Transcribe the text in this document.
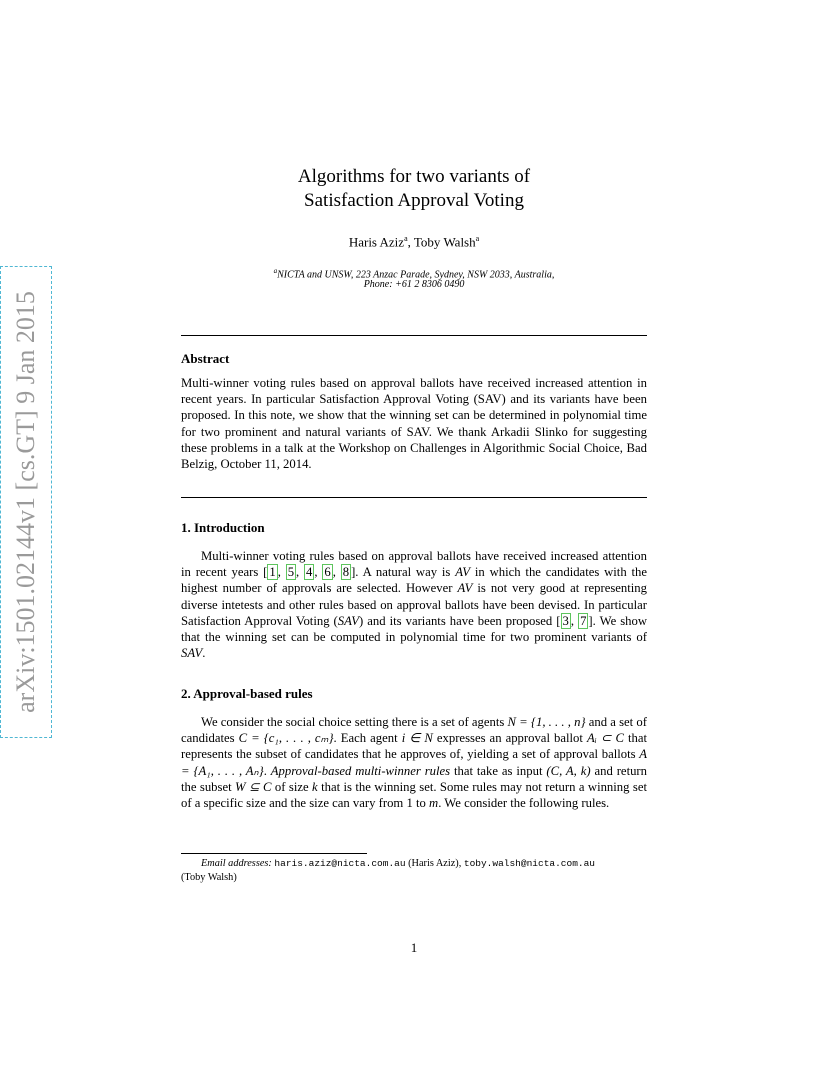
arXiv:1501.02144v1 [cs.GT] 9 Jan 2015
Algorithms for two variants of
Satisfaction Approval Voting
Haris Aziz$^a$, Toby Walsh$^a$
$^a$NICTA and UNSW, 223 Anzac Parade, Sydney, NSW 2033, Australia,
Phone: +61 2 8306 0490
Abstract
Multi-winner voting rules based on approval ballots have received increased attention in recent years. In particular Satisfaction Approval Voting (SAV) and its variants have been proposed. In this note, we show that the winning set can be determined in polynomial time for two prominent and natural variants of SAV. We thank Arkadii Slinko for suggesting these problems in a talk at the Workshop on Challenges in Algorithmic Social Choice, Bad Belzig, October 11, 2014.
1. Introduction
Multi-winner voting rules based on approval ballots have received increased attention in recent years [ 1 , 5 , 4 , 6 , 8 ]. A natural way is AV in which the candidates with the highest number of approvals are selected. However AV is not very good at representing diverse intetests and other rules based on approval ballots have been devised. In particular Satisfaction Approval Voting (SAV) and its variants have been proposed [ 3 , 7 ]. We show that the winning set can be computed in polynomial time for two prominent variants of SAV.
2. Approval-based rules
We consider the social choice setting there is a set of agents N = {1, . . . , n} and a set of candidates C = {c₁, . . . , cₘ}. Each agent i ∈ N expresses an approval ballot Aᵢ ⊂ C that represents the subset of candidates that he approves of, yielding a set of approval ballots A = {A₁, . . . , Aₙ}. Approval-based multi-winner rules that take as input (C, A, k) and return the subset W ⊆ C of size k that is the winning set. Some rules may not return a winning set of a specific size and the size can vary from 1 to m. We consider the following rules.
Email addresses: haris.aziz@nicta.com.au (Haris Aziz), toby.walsh@nicta.com.au
(Toby Walsh)
1
